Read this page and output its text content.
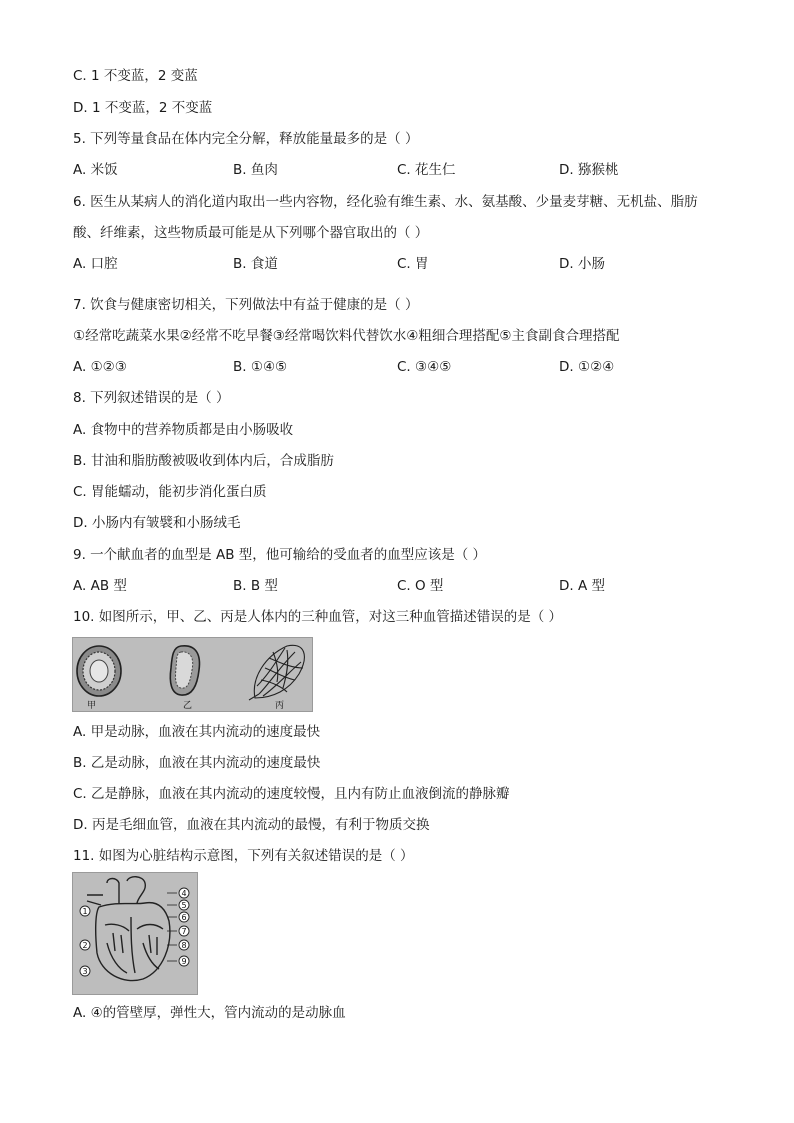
C. 1 不变蓝，2 变蓝
D. 1 不变蓝，2 不变蓝
5. 下列等量食品在体内完全分解，释放能量最多的是（ ）
A. 米饭	B. 鱼肉	C. 花生仁	D. 猕猴桃
6. 医生从某病人的消化道内取出一些内容物，经化验有维生素、水、氨基酸、少量麦芽糖、无机盐、脂肪
酸、纤维素，这些物质最可能是从下列哪个器官取出的（ ）
A. 口腔	B. 食道	C. 胃	D. 小肠
7. 饮食与健康密切相关，下列做法中有益于健康的是（ ）
①经常吃蔬菜水果②经常不吃早餐③经常喝饮料代替饮水④粗细合理搭配⑤主食副食合理搭配
A. ①②③	B. ①④⑤	C. ③④⑤	D. ①②④
8. 下列叙述错误的是（ ）
A. 食物中的营养物质都是由小肠吸收
B. 甘油和脂肪酸被吸收到体内后，合成脂肪
C. 胃能蠕动，能初步消化蛋白质
D. 小肠内有皱襞和小肠绒毛
9. 一个献血者的血型是 AB 型，他可输给的受血者的血型应该是（ ）
A. AB 型	B. B 型	C. O 型	D. A 型
10. 如图所示，甲、乙、丙是人体内的三种血管，对这三种血管描述错误的是（ ）
甲	乙	丙
A. 甲是动脉，血液在其内流动的速度最快
B. 乙是动脉，血液在其内流动的速度最快
C. 乙是静脉，血液在其内流动的速度较慢，且内有防止血液倒流的静脉瓣
D. 丙是毛细血管，血液在其内流动的最慢，有利于物质交换
11. 如图为心脏结构示意图，下列有关叙述错误的是（ ）
1
2
3
4
5
6
7
8
9
A. ④的管壁厚，弹性大，管内流动的是动脉血
